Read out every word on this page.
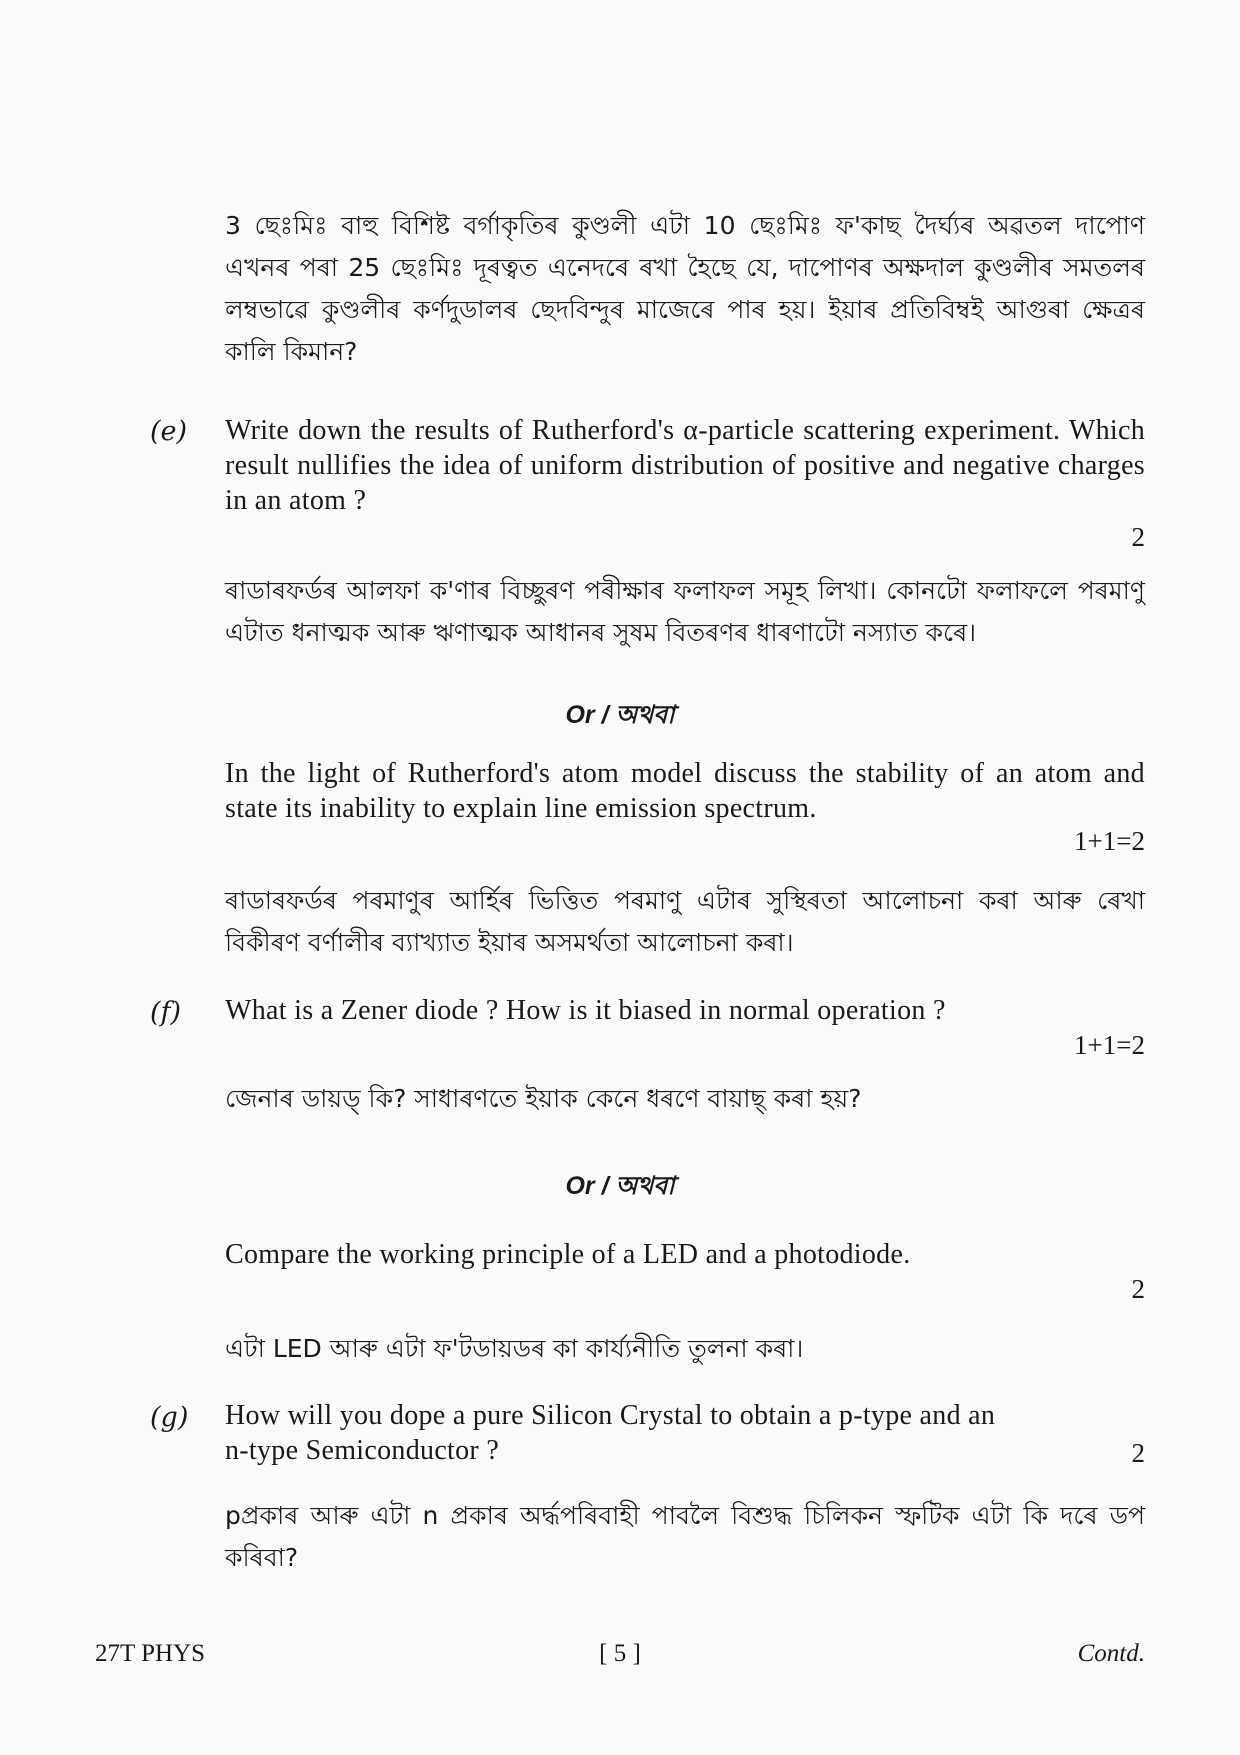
3 ছেঃমিঃ বাহু বিশিষ্ট বৰ্গাকৃতিৰ কুণ্ডলী এটা 10 ছেঃমিঃ ফ'কাছ দৈৰ্ঘ্যৰ অৱতল দাপোণ এখনৰ পৰা 25 ছেঃমিঃ দূৰত্বত এনেদৰে ৰখা হৈছে যে, দাপোণৰ অক্ষদাল কুণ্ডলীৰ সমতলৰ লম্বভাৱে কুণ্ডলীৰ কৰ্ণদুডালৰ ছেদবিন্দুৰ মাজেৰে পাৰ হয়। ইয়াৰ প্ৰতিবিম্বই আগুৰা ক্ষেত্ৰৰ কালি কিমান?
(e) Write down the results of Rutherford's α-particle scattering experiment. Which result nullifies the idea of uniform distribution of positive and negative charges in an atom ?
2
ৰাডাৰফৰ্ডৰ আলফা ক'ণাৰ বিচ্ছুৰণ পৰীক্ষাৰ ফলাফল সমূহ লিখা। কোনটো ফলাফলে পৰমাণু এটাত ধনাত্মক আৰু ঋণাত্মক আধানৰ সুষম বিতৰণৰ ধাৰণাটো নস্যাত কৰে।
Or / অথবা
In the light of Rutherford's atom model discuss the stability of an atom and state its inability to explain line emission spectrum.
1+1=2
ৰাডাৰফৰ্ডৰ পৰমাণুৰ আৰ্হিৰ ভিত্তিত পৰমাণু এটাৰ সুস্থিৰতা আলোচনা কৰা আৰু ৰেখা বিকীৰণ বৰ্ণালীৰ ব্যাখ্যাত ইয়াৰ অসমৰ্থতা আলোচনা কৰা।
(f) What is a Zener diode ? How is it biased in normal operation ?
1+1=2
জেনাৰ ডায়ড্ কি? সাধাৰণতে ইয়াক কেনে ধৰণে বায়াছ্ কৰা হয়?
Or / অথবা
Compare the working principle of a LED and a photodiode.
2
এটা LED আৰু এটা ফ'টডায়ডৰ কা কাৰ্য্যনীতি তুলনা কৰা।
(g) How will you dope a pure Silicon Crystal to obtain a p-type and an n-type Semiconductor ?	2
pপ্ৰকাৰ আৰু এটা n প্ৰকাৰ অৰ্দ্ধপৰিবাহী পাবলৈ বিশুদ্ধ চিলিকন স্ফটিক এটা কি দৰে ডপ কৰিবা?
27T PHYS	[ 5 ]	Contd.
